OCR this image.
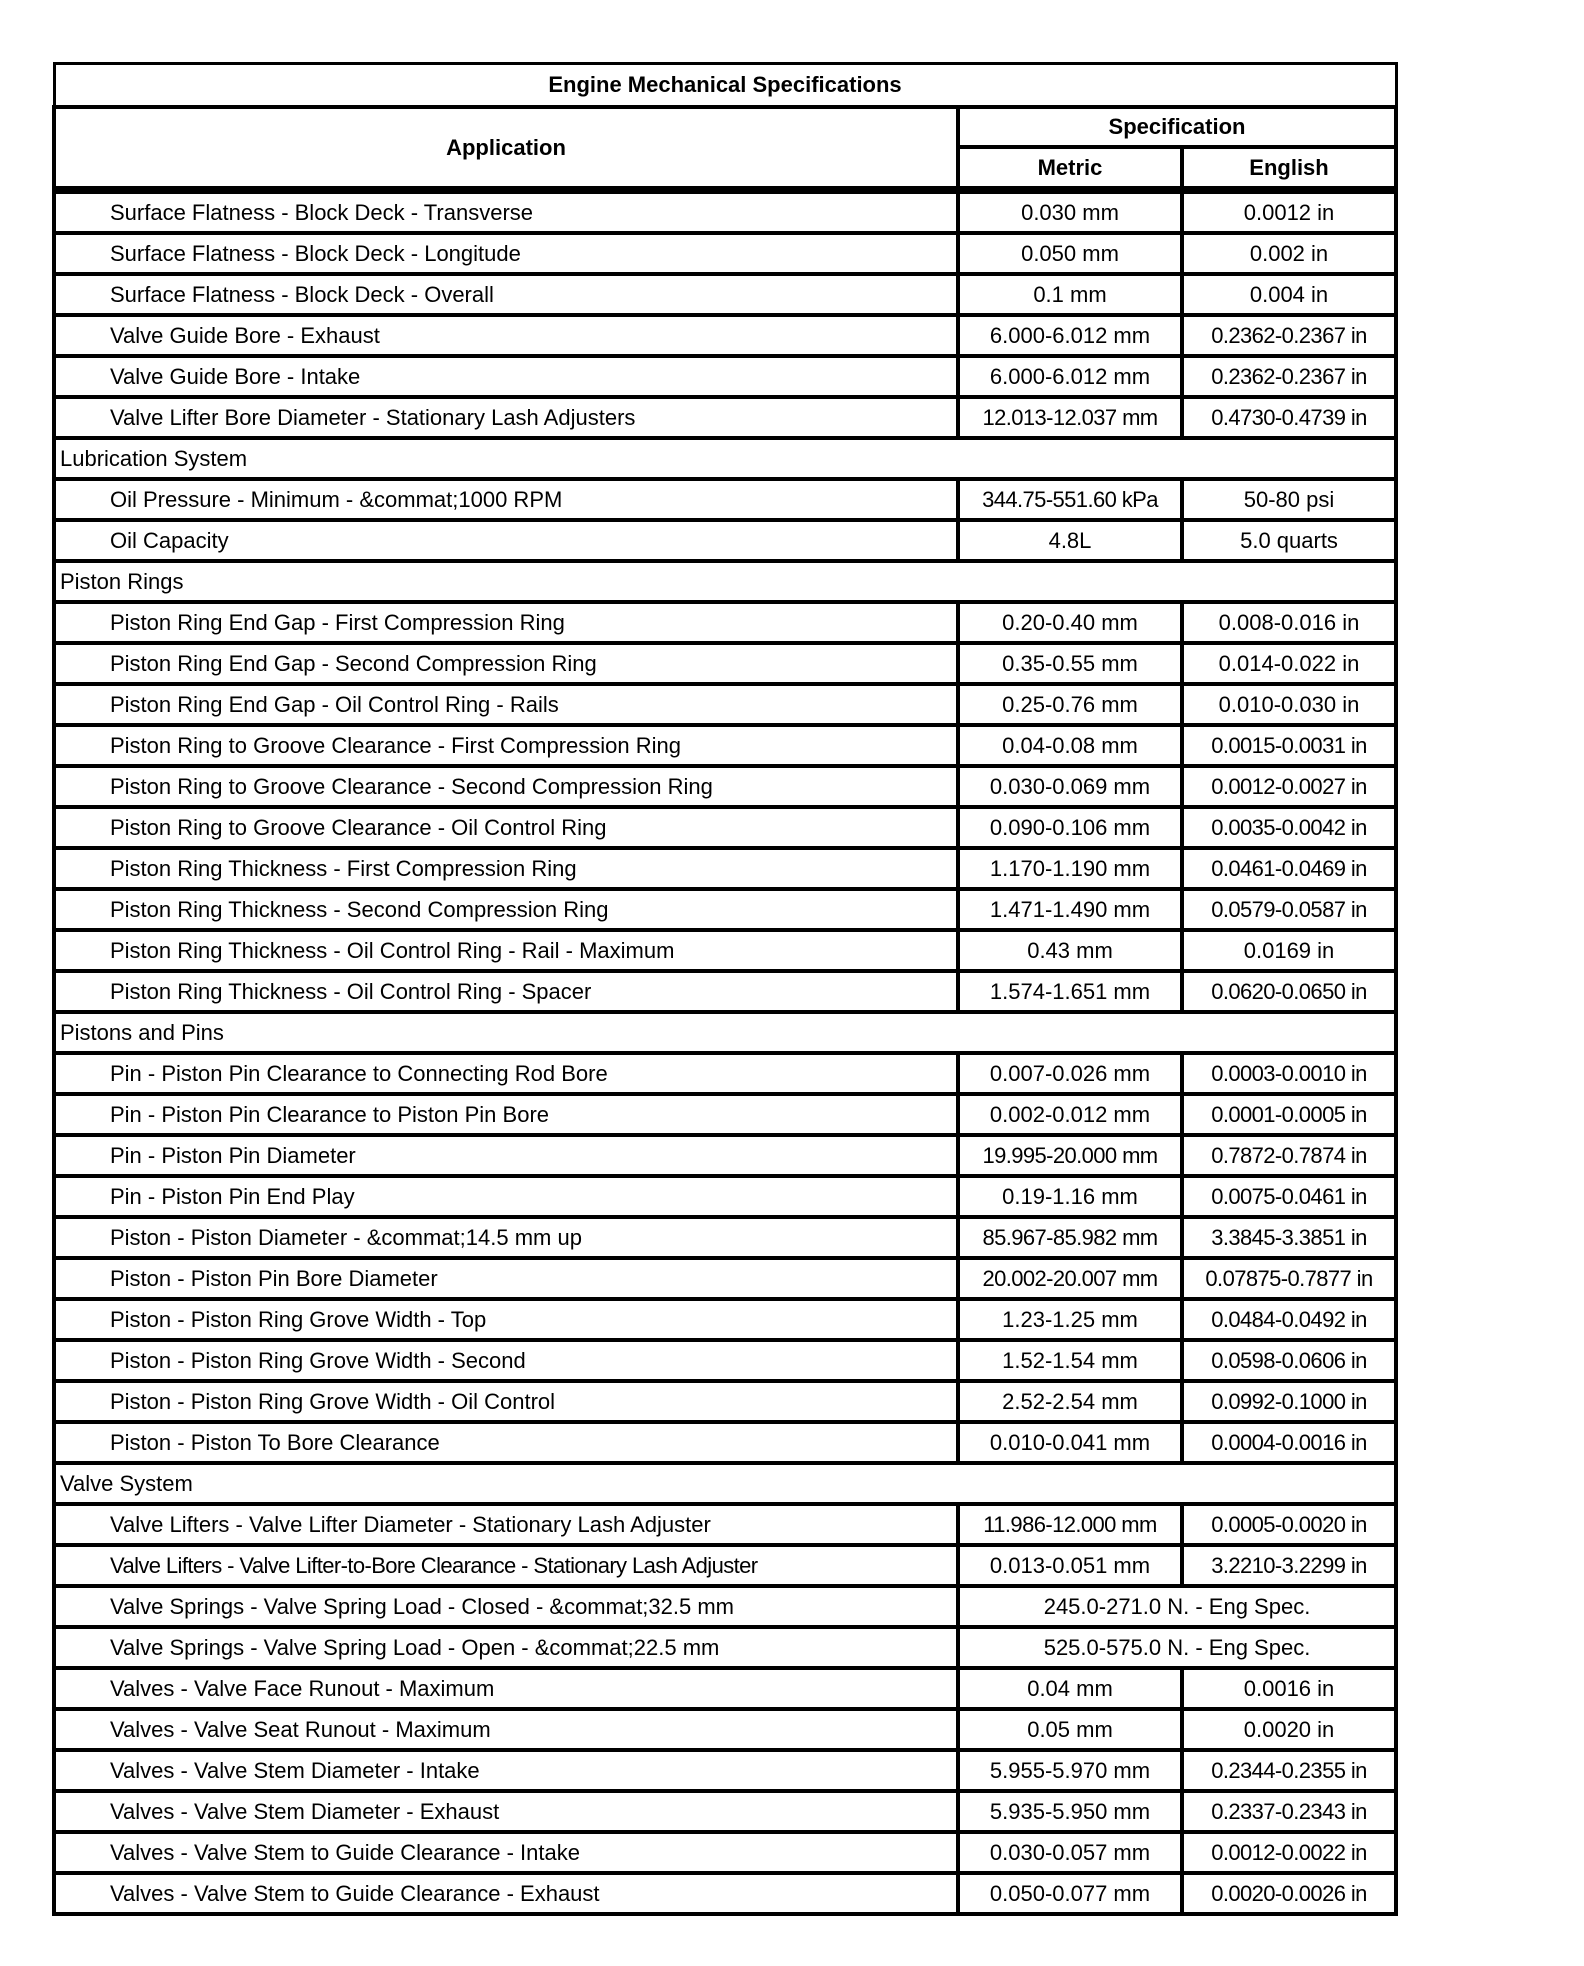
Engine Mechanical Specifications		
Application	Specification	
	Metric	English
Surface Flatness - Block Deck - Transverse	0.030 mm	0.0012 in
Surface Flatness - Block Deck - Longitude	0.050 mm	0.002 in
Surface Flatness - Block Deck - Overall	0.1 mm	0.004 in
Valve Guide Bore - Exhaust	6.000-6.012 mm	0.2362-0.2367 in
Valve Guide Bore - Intake	6.000-6.012 mm	0.2362-0.2367 in
Valve Lifter Bore Diameter - Stationary Lash Adjusters	12.013-12.037 mm	0.4730-0.4739 in
Lubrication System		
Oil Pressure - Minimum - &commat;1000 RPM	344.75-551.60 kPa	50-80 psi
Oil Capacity	4.8L	5.0 quarts
Piston Rings		
Piston Ring End Gap - First Compression Ring	0.20-0.40 mm	0.008-0.016 in
Piston Ring End Gap - Second Compression Ring	0.35-0.55 mm	0.014-0.022 in
Piston Ring End Gap - Oil Control Ring - Rails	0.25-0.76 mm	0.010-0.030 in
Piston Ring to Groove Clearance - First Compression Ring	0.04-0.08 mm	0.0015-0.0031 in
Piston Ring to Groove Clearance - Second Compression Ring	0.030-0.069 mm	0.0012-0.0027 in
Piston Ring to Groove Clearance - Oil Control Ring	0.090-0.106 mm	0.0035-0.0042 in
Piston Ring Thickness - First Compression Ring	1.170-1.190 mm	0.0461-0.0469 in
Piston Ring Thickness - Second Compression Ring	1.471-1.490 mm	0.0579-0.0587 in
Piston Ring Thickness - Oil Control Ring - Rail - Maximum	0.43 mm	0.0169 in
Piston Ring Thickness - Oil Control Ring - Spacer	1.574-1.651 mm	0.0620-0.0650 in
Pistons and Pins		
Pin - Piston Pin Clearance to Connecting Rod Bore	0.007-0.026 mm	0.0003-0.0010 in
Pin - Piston Pin Clearance to Piston Pin Bore	0.002-0.012 mm	0.0001-0.0005 in
Pin - Piston Pin Diameter	19.995-20.000 mm	0.7872-0.7874 in
Pin - Piston Pin End Play	0.19-1.16 mm	0.0075-0.0461 in
Piston - Piston Diameter - &commat;14.5 mm up	85.967-85.982 mm	3.3845-3.3851 in
Piston - Piston Pin Bore Diameter	20.002-20.007 mm	0.07875-0.7877 in
Piston - Piston Ring Grove Width - Top	1.23-1.25 mm	0.0484-0.0492 in
Piston - Piston Ring Grove Width - Second	1.52-1.54 mm	0.0598-0.0606 in
Piston - Piston Ring Grove Width - Oil Control	2.52-2.54 mm	0.0992-0.1000 in
Piston - Piston To Bore Clearance	0.010-0.041 mm	0.0004-0.0016 in
Valve System		
Valve Lifters - Valve Lifter Diameter - Stationary Lash Adjuster	11.986-12.000 mm	0.0005-0.0020 in
Valve Lifters - Valve Lifter-to-Bore Clearance - Stationary Lash Adjuster	0.013-0.051 mm	3.2210-3.2299 in
Valve Springs - Valve Spring Load - Closed - &commat;32.5 mm	245.0-271.0 N. - Eng Spec.	
Valve Springs - Valve Spring Load - Open - &commat;22.5 mm	525.0-575.0 N. - Eng Spec.	
Valves - Valve Face Runout - Maximum	0.04 mm	0.0016 in
Valves - Valve Seat Runout - Maximum	0.05 mm	0.0020 in
Valves - Valve Stem Diameter - Intake	5.955-5.970 mm	0.2344-0.2355 in
Valves - Valve Stem Diameter - Exhaust	5.935-5.950 mm	0.2337-0.2343 in
Valves - Valve Stem to Guide Clearance - Intake	0.030-0.057 mm	0.0012-0.0022 in
Valves - Valve Stem to Guide Clearance - Exhaust	0.050-0.077 mm	0.0020-0.0026 in
